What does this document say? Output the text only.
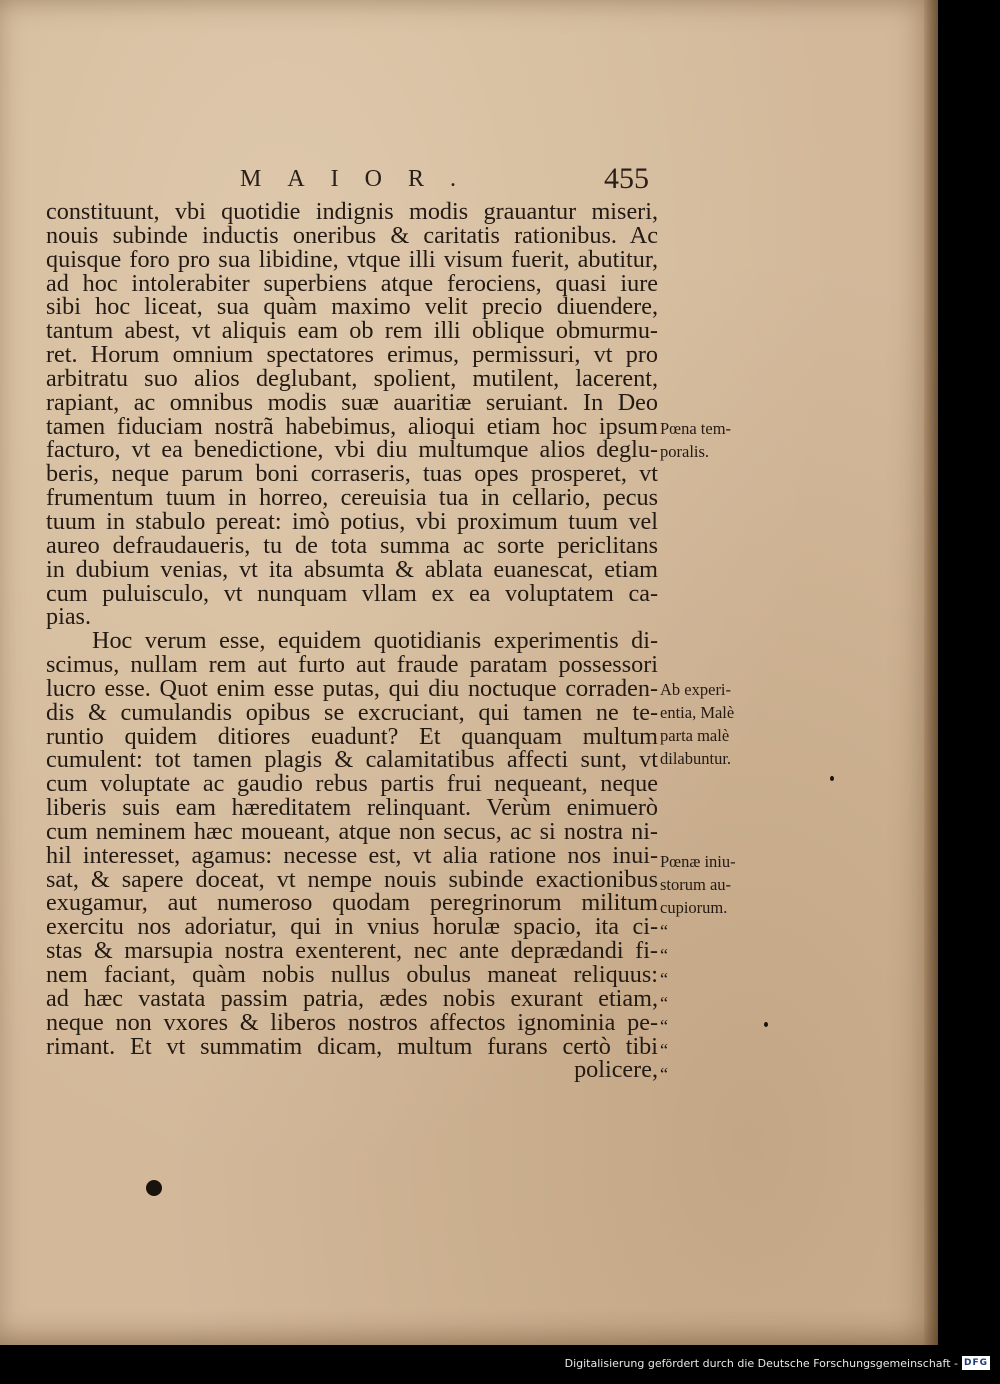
MAIOR.	455
constituunt, vbi quotidie indignis modis grauantur miseri,
nouis subinde inductis oneribus & caritatis rationibus. Ac
quisque foro pro sua libidine, vtque illi visum fuerit, abutitur,
ad hoc intolerabiter superbiens atque ferociens, quasi iure
sibi hoc liceat, sua quàm maximo velit precio diuendere,
tantum abest, vt aliquis eam ob rem illi oblique obmurmu-
ret. Horum omnium spectatores erimus, permissuri, vt pro
arbitratu suo alios deglubant, spolient, mutilent, lacerent,
rapiant, ac omnibus modis suæ auaritiæ seruiant. In Deo
tamen fiduciam nostrã habebimus, alioqui etiam hoc ipsum
facturo, vt ea benedictione, vbi diu multumque alios deglu-
beris, neque parum boni corraseris, tuas opes prosperet, vt
frumentum tuum in horreo, cereuisia tua in cellario, pecus
tuum in stabulo pereat: imò potius, vbi proximum tuum vel
aureo defraudaueris, tu de tota summa ac sorte periclitans
in dubium venias, vt ita absumta & ablata euanescat, etiam
cum puluisculo, vt nunquam vllam ex ea voluptatem ca-
pias.
Hoc verum esse, equidem quotidianis experimentis di-
scimus, nullam rem aut furto aut fraude paratam possessori
lucro esse. Quot enim esse putas, qui diu noctuque corraden-
dis & cumulandis opibus se excruciant, qui tamen ne te-
runtio quidem ditiores euadunt? Et quanquam multum
cumulent: tot tamen plagis & calamitatibus affecti sunt, vt
cum voluptate ac gaudio rebus partis frui nequeant, neque
liberis suis eam hæreditatem relinquant. Verùm enimuerò
cum neminem hæc moueant, atque non secus, ac si nostra ni-
hil interesset, agamus: necesse est, vt alia ratione nos inui-
sat, & sapere doceat, vt nempe nouis subinde exactionibus
exugamur, aut numeroso quodam peregrinorum militum
exercitu nos adoriatur, qui in vnius horulæ spacio, ita ci-
stas & marsupia nostra exenterent, nec ante deprædandi fi-
nem faciant, quàm nobis nullus obulus maneat reliquus:
ad hæc vastata passim patria, ædes nobis exurant etiam,
neque non vxores & liberos nostros affectos ignominia pe-
rimant. Et vt summatim dicam, multum furans certò tibi
policere,
Pœna tem-
poralis.
Ab experi-
entia, Malè
parta malè
dilabuntur.
Pœnæ iniu-
storum au-
cupiorum.
“
“
“
“
“
“
“
Digitalisierung gefördert durch die Deutsche Forschungsgemeinschaft - DFG
